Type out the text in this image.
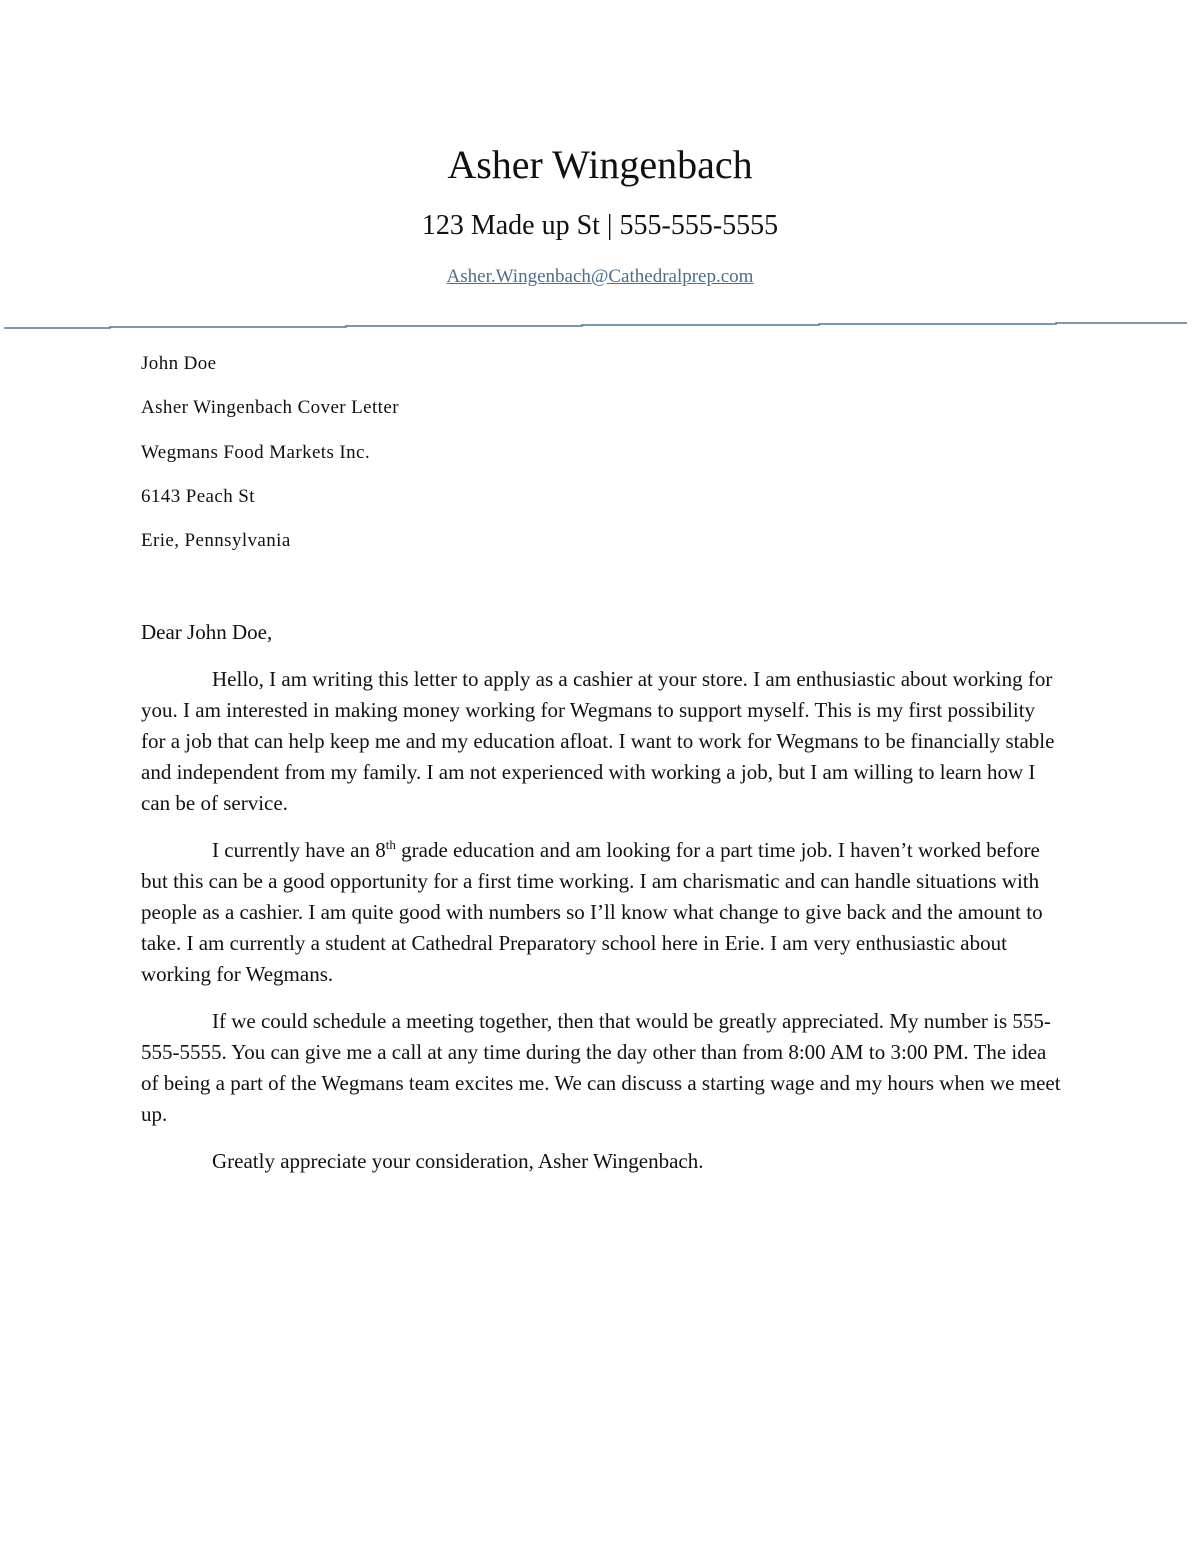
Asher Wingenbach
123 Made up St | 555-555-5555
Asher.Wingenbach@Cathedralprep.com
John Doe
Asher Wingenbach Cover Letter
Wegmans Food Markets Inc.
6143 Peach St
Erie, Pennsylvania
Dear John Doe,
Hello, I am writing this letter to apply as a cashier at your store. I am enthusiastic about working for you. I am interested in making money working for Wegmans to support myself. This is my first possibility for a job that can help keep me and my education afloat. I want to work for Wegmans to be financially stable and independent from my family. I am not experienced with working a job, but I am willing to learn how I can be of service.
I currently have an 8th grade education and am looking for a part time job. I haven’t worked before but this can be a good opportunity for a first time working. I am charismatic and can handle situations with people as a cashier. I am quite good with numbers so I’ll know what change to give back and the amount to take. I am currently a student at Cathedral Preparatory school here in Erie. I am very enthusiastic about working for Wegmans.
If we could schedule a meeting together, then that would be greatly appreciated. My number is 555-555-5555. You can give me a call at any time during the day other than from 8:00 AM to 3:00 PM. The idea of being a part of the Wegmans team excites me. We can discuss a starting wage and my hours when we meet up.
Greatly appreciate your consideration, Asher Wingenbach.
